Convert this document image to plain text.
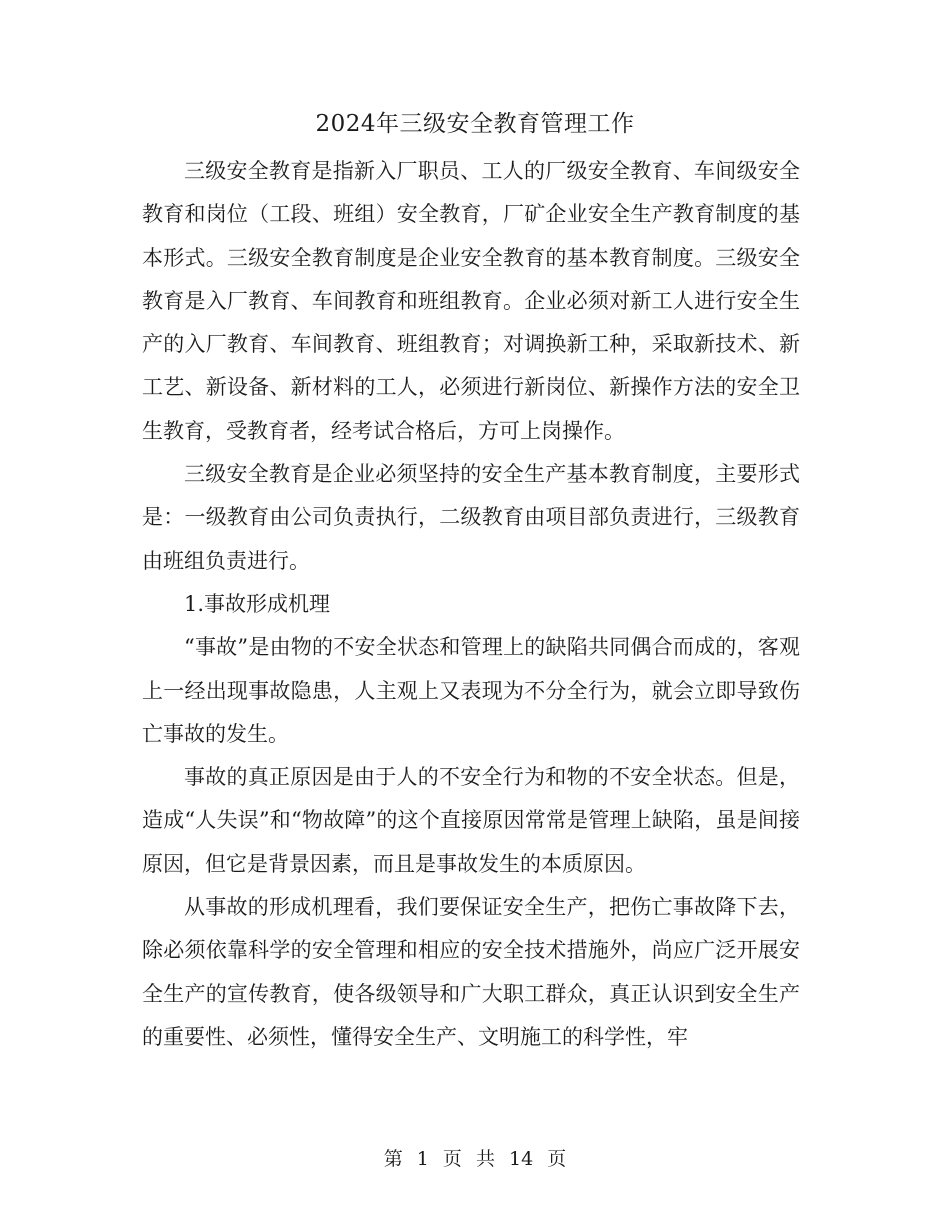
2024年三级安全教育管理工作

三级安全教育是指新入厂职员、工人的厂级安全教育、车间级安全教育和岗位（工段、班组）安全教育，厂矿企业安全生产教育制度的基本形式。三级安全教育制度是企业安全教育的基本教育制度。三级安全教育是入厂教育、车间教育和班组教育。企业必须对新工人进行安全生产的入厂教育、车间教育、班组教育；对调换新工种，采取新技术、新工艺、新设备、新材料的工人，必须进行新岗位、新操作方法的安全卫生教育，受教育者，经考试合格后，方可上岗操作。

三级安全教育是企业必须坚持的安全生产基本教育制度，主要形式是：一级教育由公司负责执行，二级教育由项目部负责进行，三级教育由班组负责进行。

1.事故形成机理

“事故”是由物的不安全状态和管理上的缺陷共同偶合而成的，客观上一经出现事故隐患，人主观上又表现为不分全行为，就会立即导致伤亡事故的发生。

事故的真正原因是由于人的不安全行为和物的不安全状态。但是，造成“人失误”和“物故障”的这个直接原因常常是管理上缺陷，虽是间接原因，但它是背景因素，而且是事故发生的本质原因。

从事故的形成机理看，我们要保证安全生产，把伤亡事故降下去，除必须依靠科学的安全管理和相应的安全技术措施外，尚应广泛开展安全生产的宣传教育，使各级领导和广大职工群众，真正认识到安全生产的重要性、必须性，懂得安全生产、文明施工的科学性，牢

第 1 页 共 14 页
